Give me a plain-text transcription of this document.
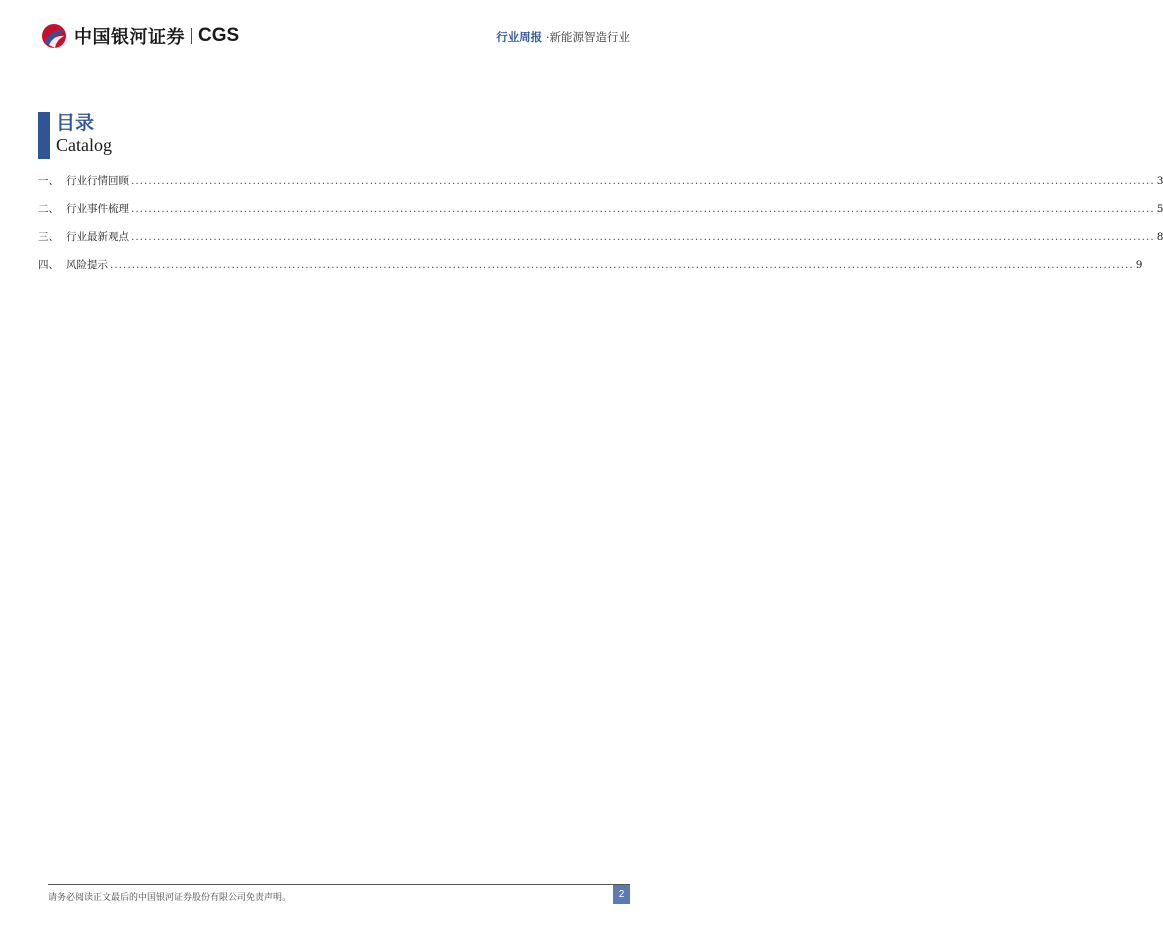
中国银河证券 CGS	行业周报 ·新能源智造行业
目录
Catalog
一、 行业行情回顾 ............................................................................................................................................................................................................................................ 3
二、 行业事件梳理 ............................................................................................................................................................................................................................................ 5
三、 行业最新观点 ............................................................................................................................................................................................................................................ 8
四、 风险提示 ............................................................................................................................................................................................................................................ 9
请务必阅读正文最后的中国银河证券股份有限公司免责声明。	2
